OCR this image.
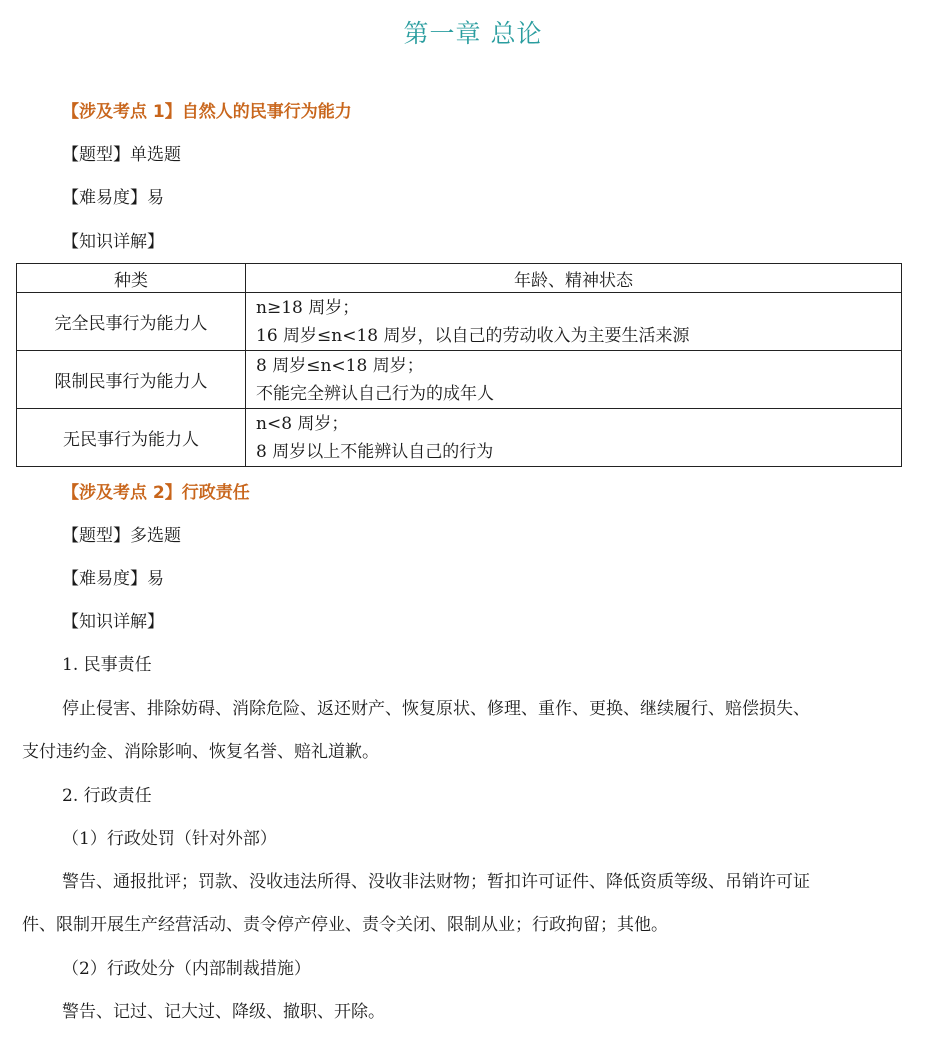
第一章 总论
【涉及考点 1】自然人的民事行为能力
【题型】单选题
【难易度】易
【知识详解】
种类	年龄、精神状态
完全民事行为能力人	n≥18 周岁；
16 周岁≤n<18 周岁，以自己的劳动收入为主要生活来源

限制民事行为能力人	8 周岁≤n<18 周岁；
不能完全辨认自己行为的成年人

无民事行为能力人	n<8 周岁；
8 周岁以上不能辨认自己的行为
【涉及考点 2】行政责任
【题型】多选题
【难易度】易
【知识详解】
1. 民事责任
停止侵害、排除妨碍、消除危险、返还财产、恢复原状、修理、重作、更换、继续履行、赔偿损失、
支付违约金、消除影响、恢复名誉、赔礼道歉。
2. 行政责任
（1）行政处罚（针对外部）
警告、通报批评；罚款、没收违法所得、没收非法财物；暂扣许可证件、降低资质等级、吊销许可证
件、限制开展生产经营活动、责令停产停业、责令关闭、限制从业；行政拘留；其他。
（2）行政处分（内部制裁措施）
警告、记过、记大过、降级、撤职、开除。
